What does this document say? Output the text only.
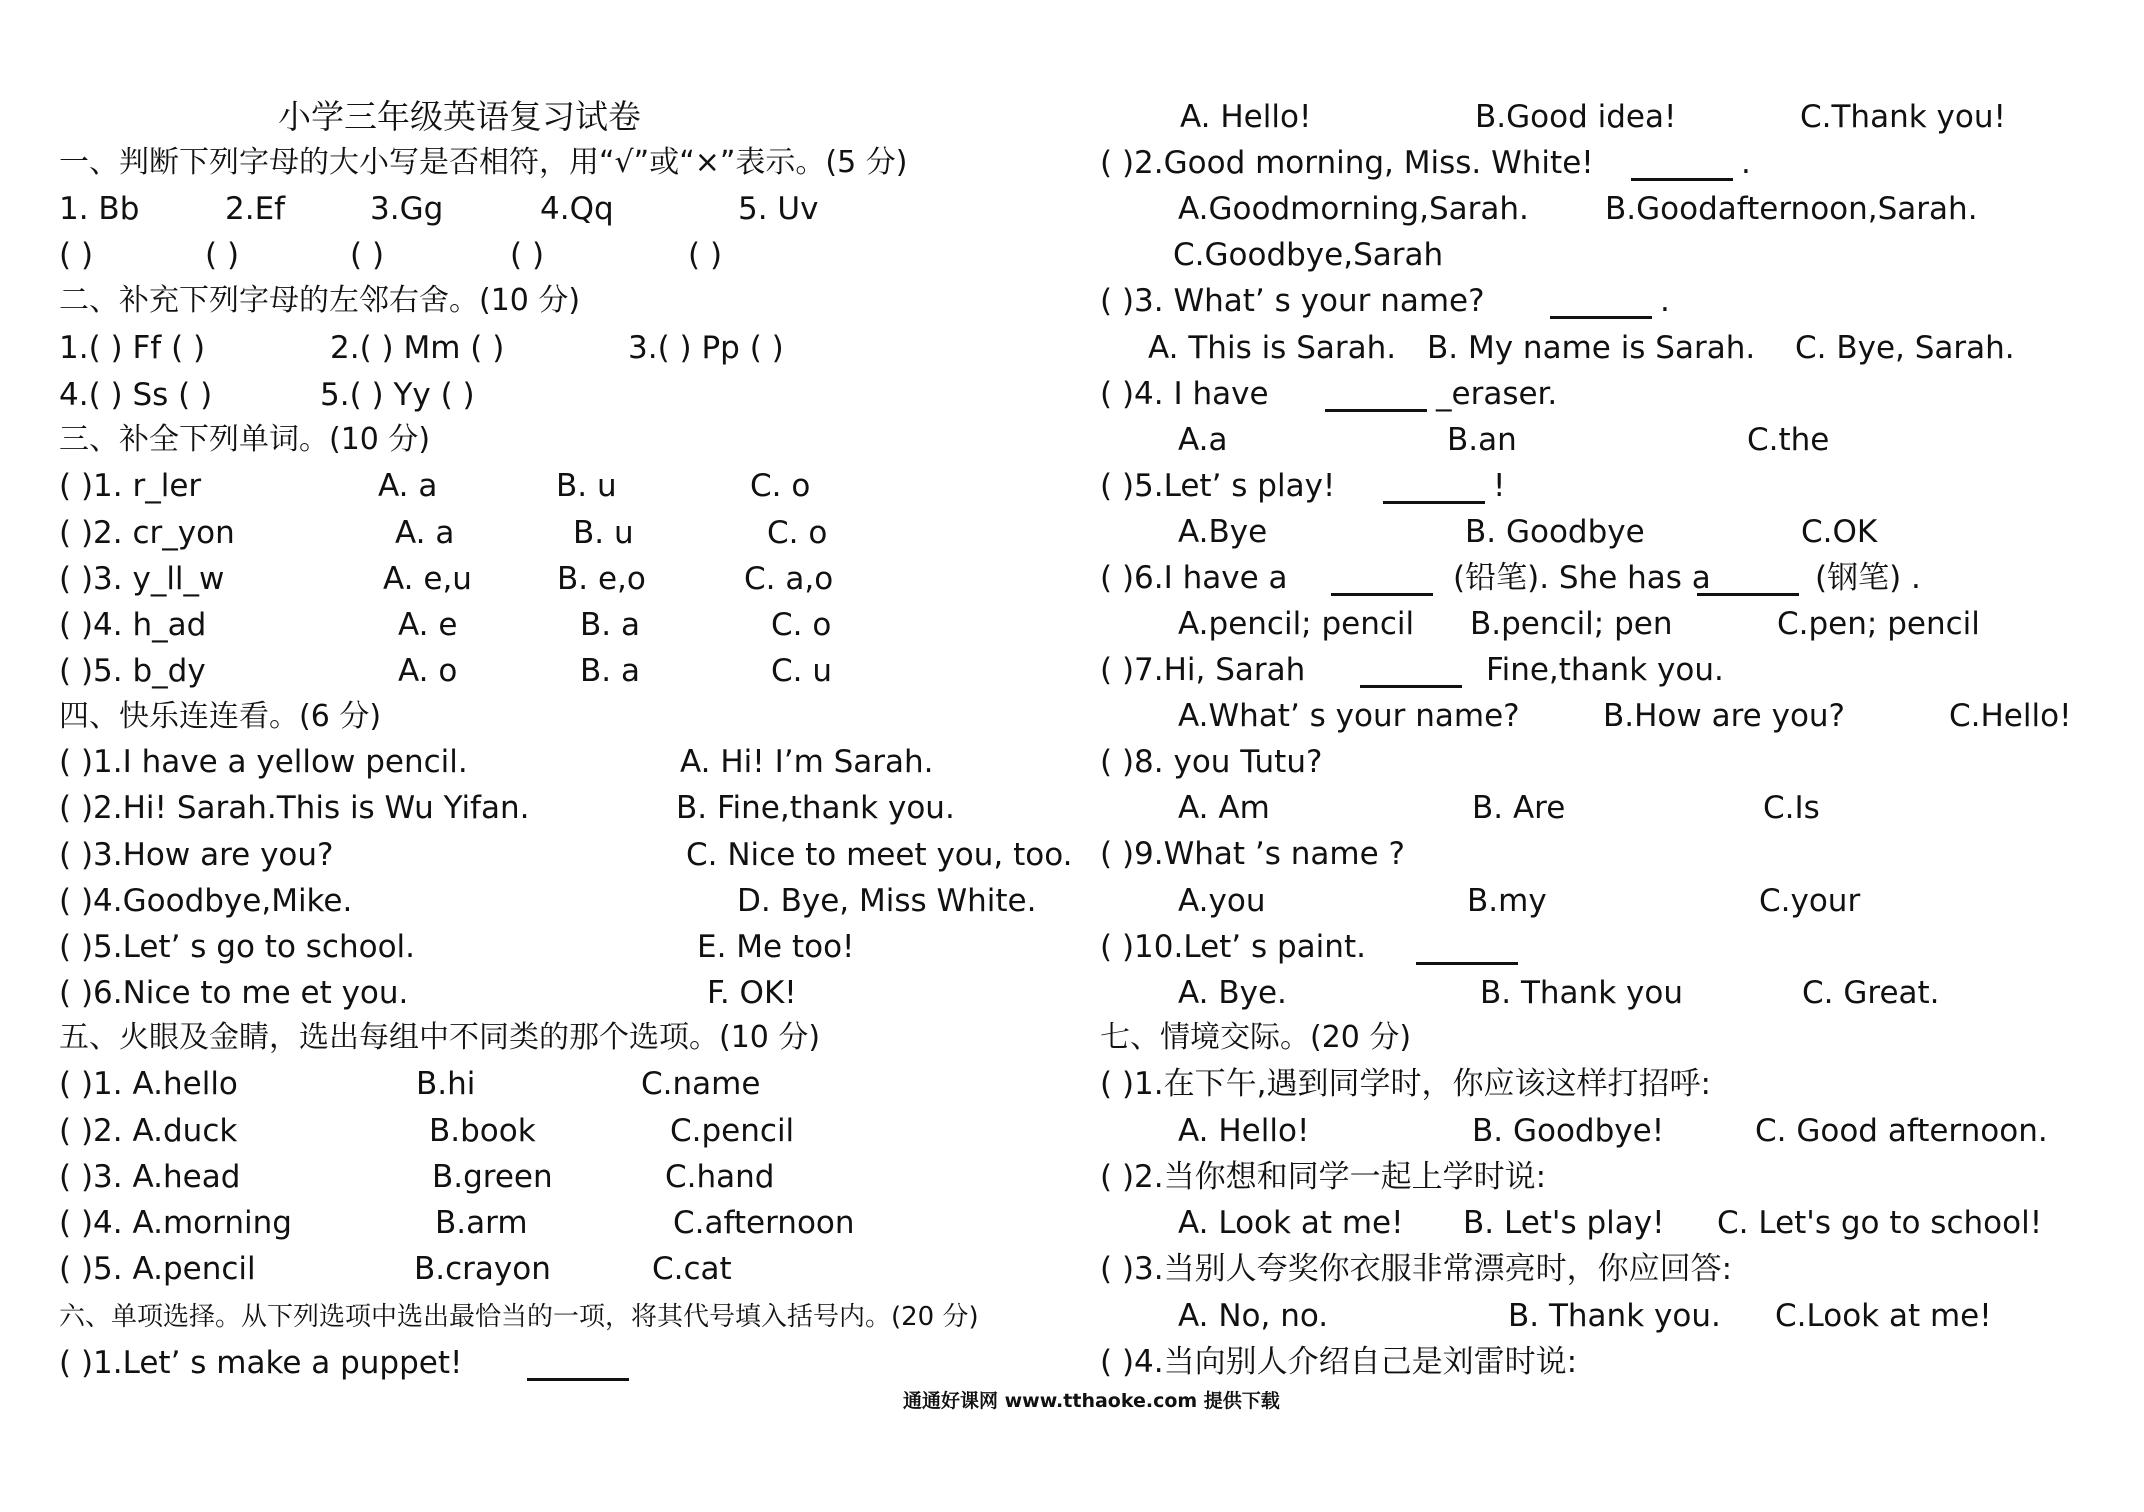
小学三年级英语复习试卷
一、判断下列字母的大小写是否相符，用“√”或“×”表示。(5 分)
1. Bb	2.Ef	3.Gg	4.Qq	5. Uv
( )	( )	( )	( )	( )
二、补充下列字母的左邻右舍。(10 分)
1.( ) Ff ( )	2.( ) Mm ( )	3.( ) Pp ( )
4.( ) Ss ( )	5.( ) Yy ( )
三、补全下列单词。(10 分)
( )1. r_ler	A. a	B. u	C. o
( )2. cr_yon	A. a	B. u	C. o
( )3. y_ll_w	A. e,u	B. e,o	C. a,o
( )4. h_ad	A. e	B. a	C. o
( )5. b_dy	A. o	B. a	C. u
四、快乐连连看。(6 分)
( )1.I have a yellow pencil.	A. Hi! I’m Sarah.
( )2.Hi! Sarah.This is Wu Yifan.	B. Fine,thank you.
( )3.How are you?	C. Nice to meet you, too.
( )4.Goodbye,Mike.	D. Bye, Miss White.
( )5.Let’ s go to school.	E. Me too!
( )6.Nice to me et you.	F. OK!
五、火眼及金睛，选出每组中不同类的那个选项。(10 分)
( )1. A.hello	B.hi	C.name
( )2. A.duck	B.book	C.pencil
( )3. A.head	B.green	C.hand
( )4. A.morning	B.arm	C.afternoon
( )5. A.pencil	B.crayon	C.cat
六、单项选择。从下列选项中选出最恰当的一项，将其代号填入括号内。(20 分)
( )1.Let’ s make a puppet!
A. Hello!	B.Good idea!	C.Thank you!
( )2.Good morning, Miss. White!	.
A.Goodmorning,Sarah. B.Goodafternoon,Sarah.
C.Goodbye,Sarah
( )3. What’ s your name?	.
A. This is Sarah. B. My name is Sarah. C. Bye, Sarah.
( )4. I have	_eraser.
A.a	B.an	C.the
( )5.Let’ s play!	!
A.Bye	B. Goodbye	C.OK
( )6.I have a	(铅笔). She has a	(钢笔) .
A.pencil; pencil B.pencil; pen	C.pen; pencil
( )7.Hi, Sarah	Fine,thank you.
A.What’ s your name?	B.How are you?	C.Hello!
( )8. you Tutu?
A. Am	B. Are	C.Is
( )9.What ’s name ?
A.you	B.my	C.your
( )10.Let’ s paint.
A. Bye.	B. Thank you	C. Great.
七、情境交际。(20 分)
( )1.在下午,遇到同学时，你应该这样打招呼:
A. Hello!	B. Goodbye!	C. Good afternoon.
( )2.当你想和同学一起上学时说:
A. Look at me! B. Let's play! C. Let's go to school!
( )3.当别人夸奖你衣服非常漂亮时，你应回答:
A. No, no.	B. Thank you. C.Look at me!
( )4.当向别人介绍自己是刘雷时说:
通通好课网 www.tthaoke.com 提供下载
